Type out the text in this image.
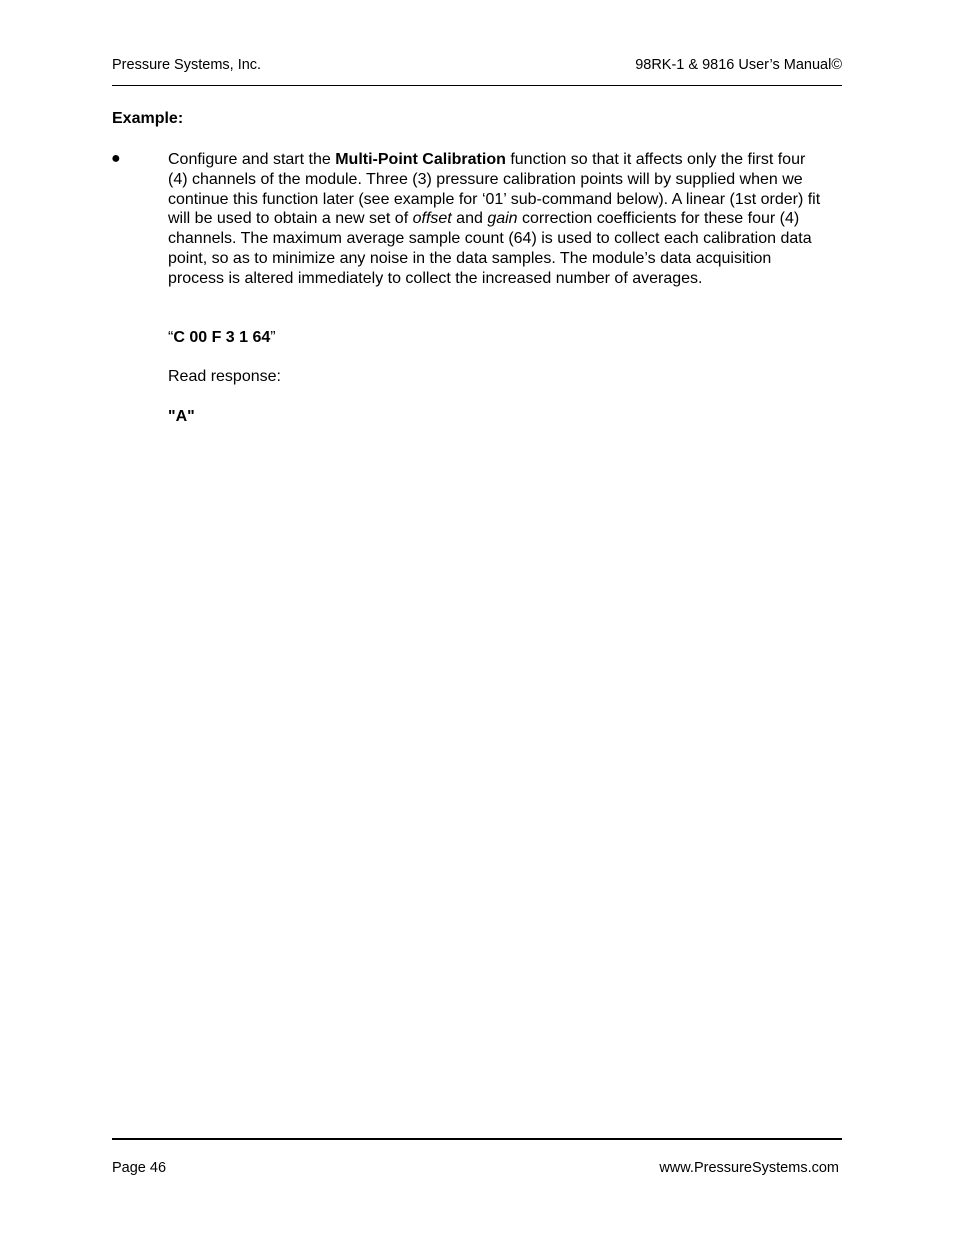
Pressure Systems, Inc.	98RK-1 & 9816 User’s Manual©
Example:
●	Configure and start the Multi-Point Calibration function so that it affects only the first four (4) channels of the module. Three (3) pressure calibration points will by supplied when we continue this function later (see example for ‘01’ sub-command below). A linear (1st order) fit will be used to obtain a new set of offset and gain correction coefficients for these four (4) channels. The maximum average sample count (64) is used to collect each calibration data point, so as to minimize any noise in the data samples. The module’s data acquisition process is altered immediately to collect the increased number of averages.
“C 00 F 3 1 64”
Read response:
"A"
Page 46	www.PressureSystems.com
